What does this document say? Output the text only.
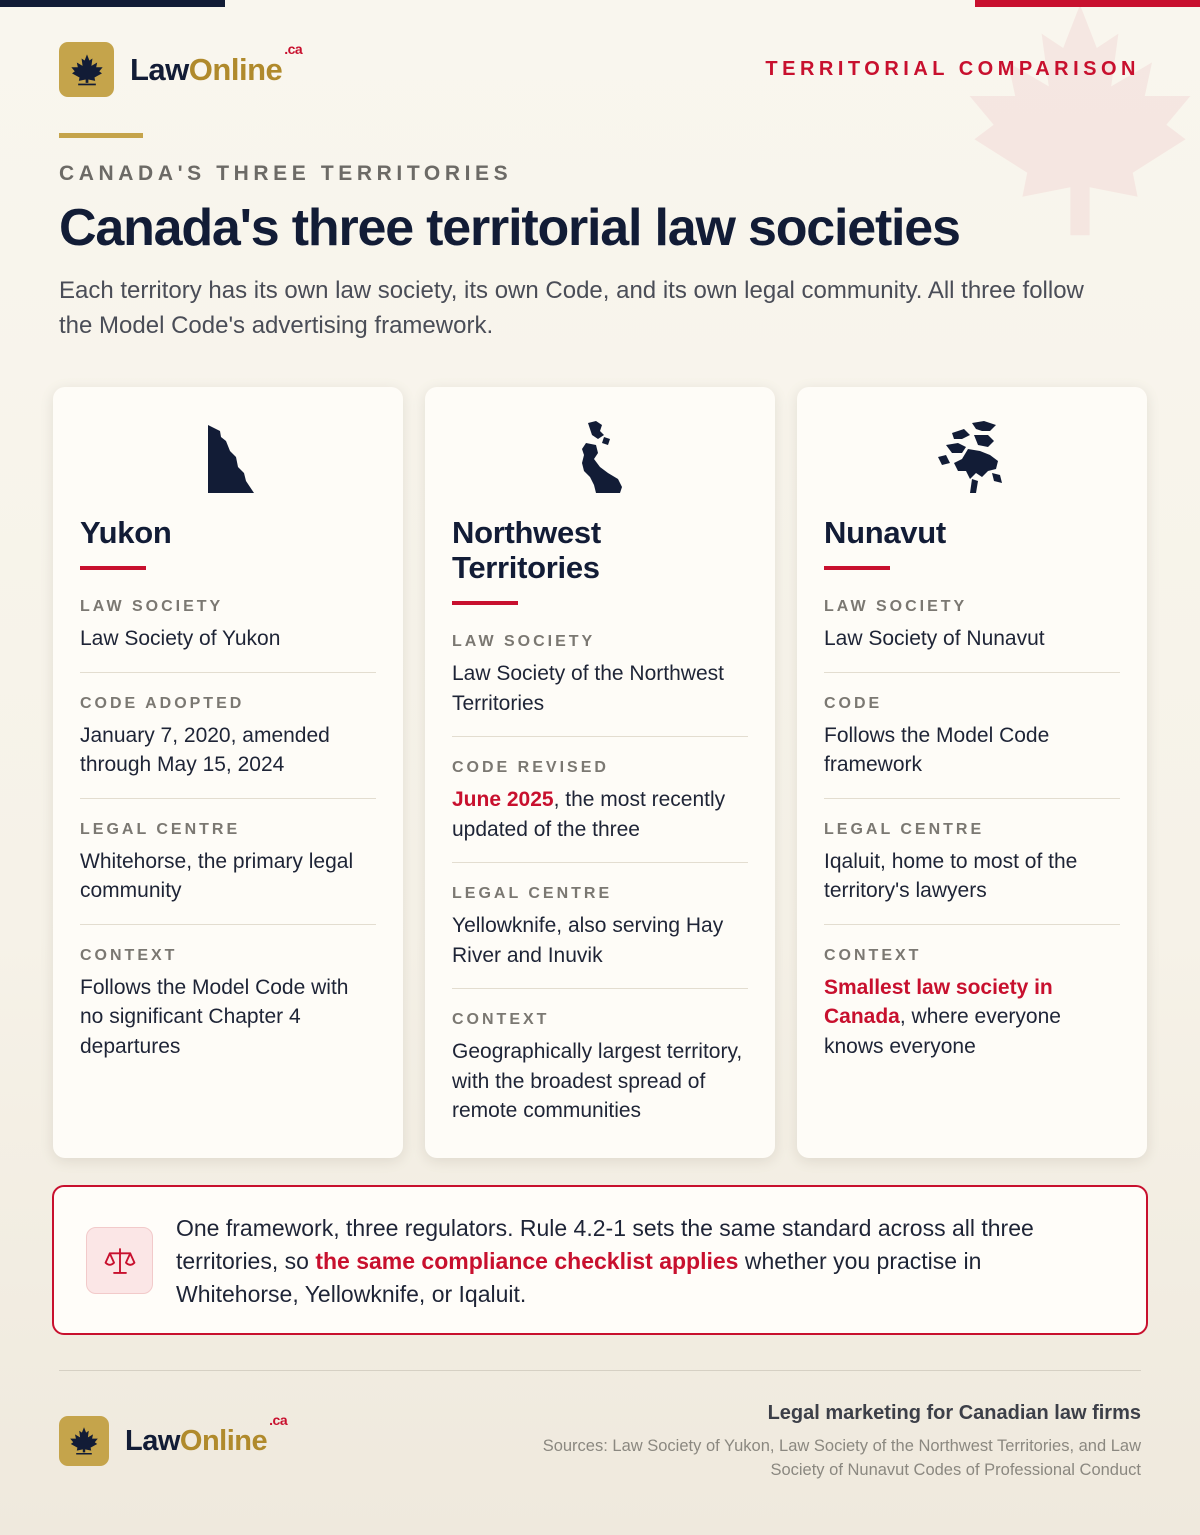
LawOnline$^{.ca}$
TERRITORIAL COMPARISON
CANADA'S THREE TERRITORIES
Canada's three territorial law societies

Each territory has its own law society, its own Code, and its own legal community. All three follow the Model Code's advertising framework.

Yukon
LAW SOCIETY
Law Society of Yukon
CODE ADOPTED
January 7, 2020, amended through May 15, 2024
LEGAL CENTRE
Whitehorse, the primary legal community
CONTEXT
Follows the Model Code with no significant Chapter 4 departures
Northwest Territories
LAW SOCIETY
Law Society of the Northwest Territories
CODE REVISED
June 2025, the most recently updated of the three
LEGAL CENTRE
Yellowknife, also serving Hay River and Inuvik
CONTEXT
Geographically largest territory, with the broadest spread of remote communities
Nunavut
LAW SOCIETY
Law Society of Nunavut
CODE
Follows the Model Code framework
LEGAL CENTRE
Iqaluit, home to most of the territory's lawyers
CONTEXT
Smallest law society in Canada, where everyone knows everyone

One framework, three regulators. Rule 4.2-1 sets the same standard across all three territories, so the same compliance checklist applies whether you practise in Whitehorse, Yellowknife, or Iqaluit.

LawOnline$^{.ca}$	Legal marketing for Canadian law firms
Sources: Law Society of Yukon, Law Society of the Northwest Territories, and Law Society of Nunavut Codes of Professional Conduct
